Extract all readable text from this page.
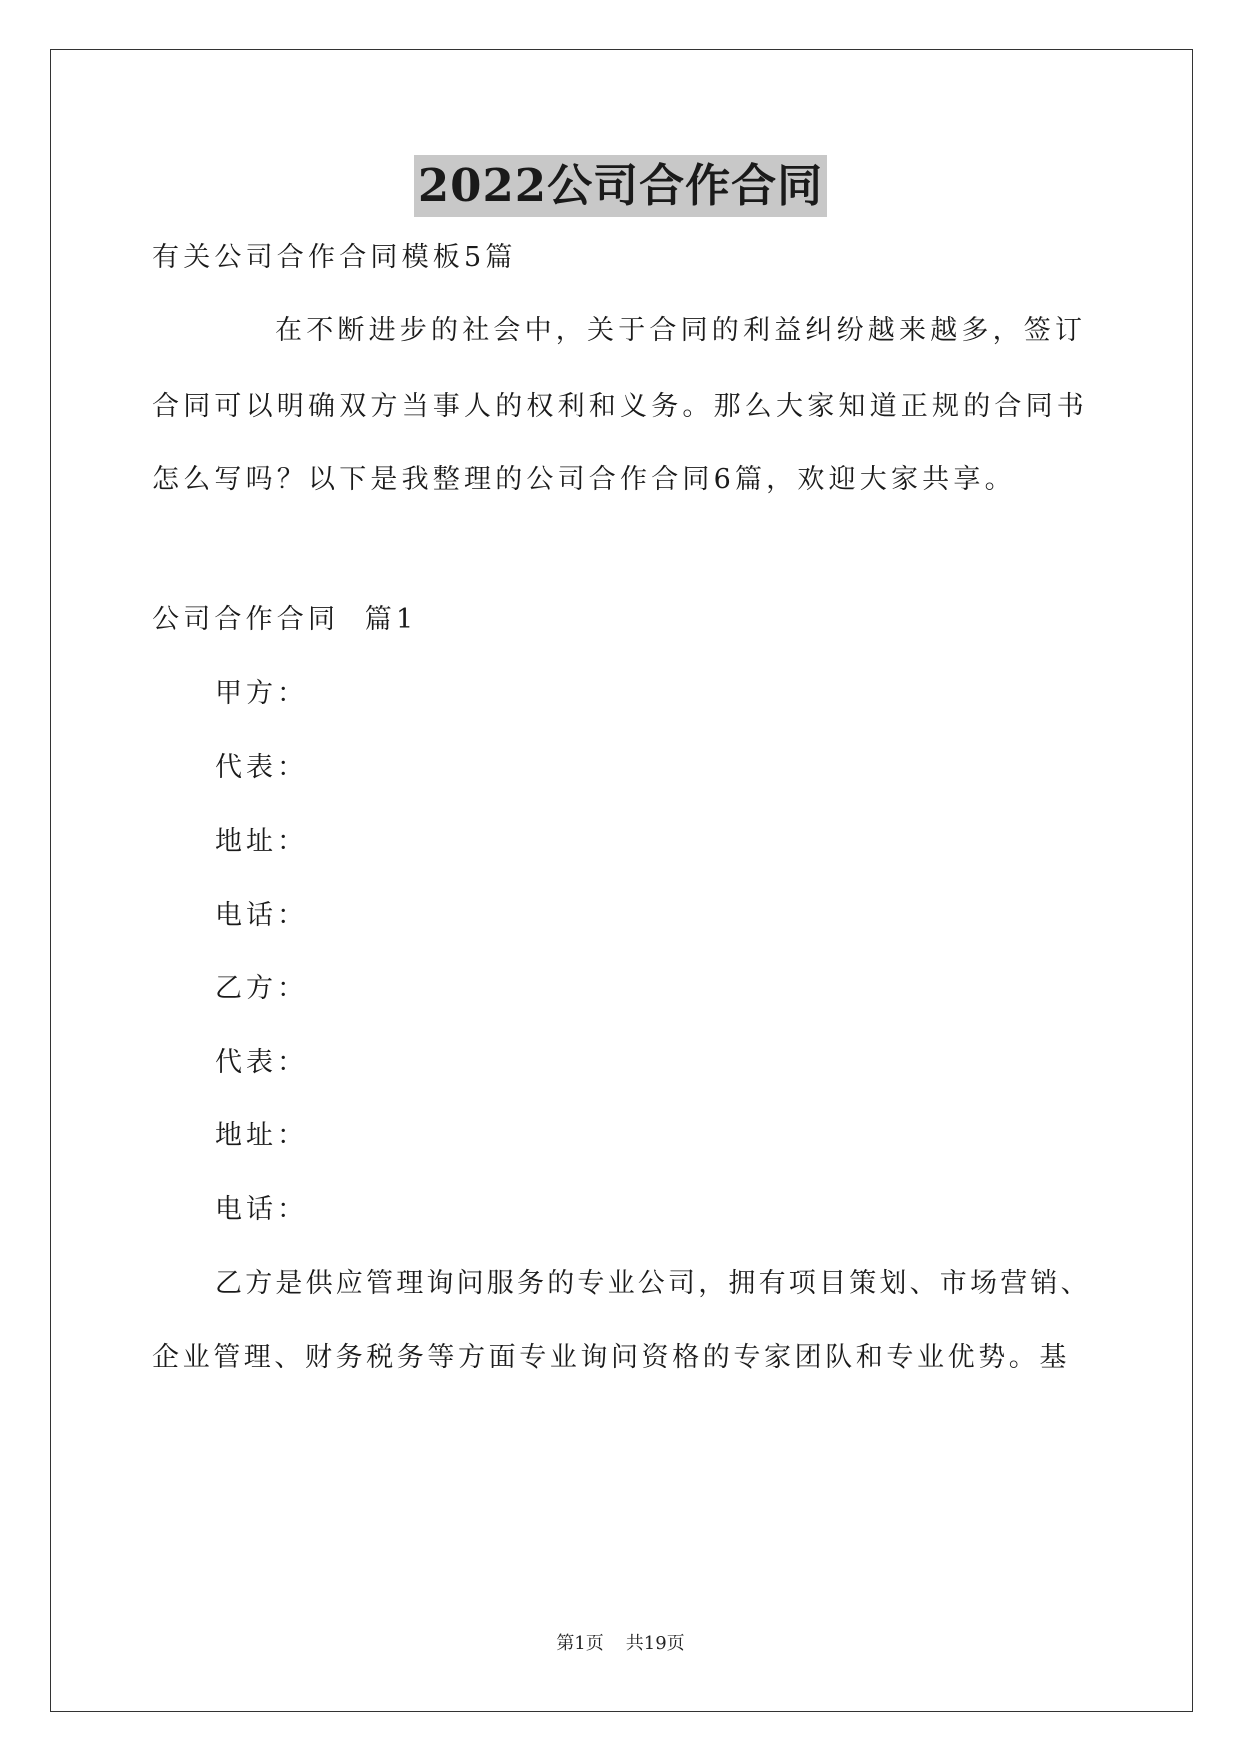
2022公司合作合同
有关公司合作合同模板5篇
在不断进步的社会中，关于合同的利益纠纷越来越多，签订
合同可以明确双方当事人的权利和义务。那么大家知道正规的合同书
怎么写吗？以下是我整理的公司合作合同6篇，欢迎大家共享。
公司合作合同  篇1
甲方：
代表：
地址：
电话：
乙方：
代表：
地址：
电话：
乙方是供应管理询问服务的专业公司，拥有项目策划、市场营销、
企业管理、财务税务等方面专业询问资格的专家团队和专业优势。基
第1页 共19页
